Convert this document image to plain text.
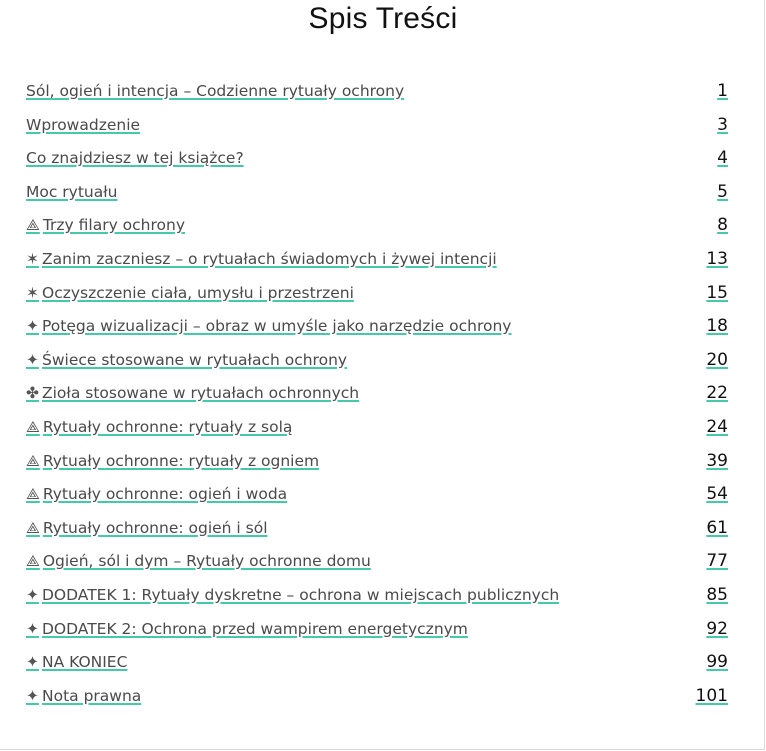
Spis Treści
Sól, ogień i intencja – Codzienne rytuały ochrony	1
Wprowadzenie	3
Co znajdziesz w tej książce?	4
Moc rytuału	5
⟁ Trzy filary ochrony	8
✶ Zanim zaczniesz – o rytuałach świadomych i żywej intencji	13
✶ Oczyszczenie ciała, umysłu i przestrzeni	15
✦ Potęga wizualizacji – obraz w umyśle jako narzędzie ochrony	18
✦ Świece stosowane w rytuałach ochrony	20
✤ Zioła stosowane w rytuałach ochronnych	22
⟁ Rytuały ochronne: rytuały z solą	24
⟁ Rytuały ochronne: rytuały z ogniem	39
⟁ Rytuały ochronne: ogień i woda	54
⟁ Rytuały ochronne: ogień i sól	61
⟁ Ogień, sól i dym – Rytuały ochronne domu	77
✦ DODATEK 1: Rytuały dyskretne – ochrona w miejscach publicznych	85
✦ DODATEK 2: Ochrona przed wampirem energetycznym	92
✦ NA KONIEC	99
✦ Nota prawna	101
